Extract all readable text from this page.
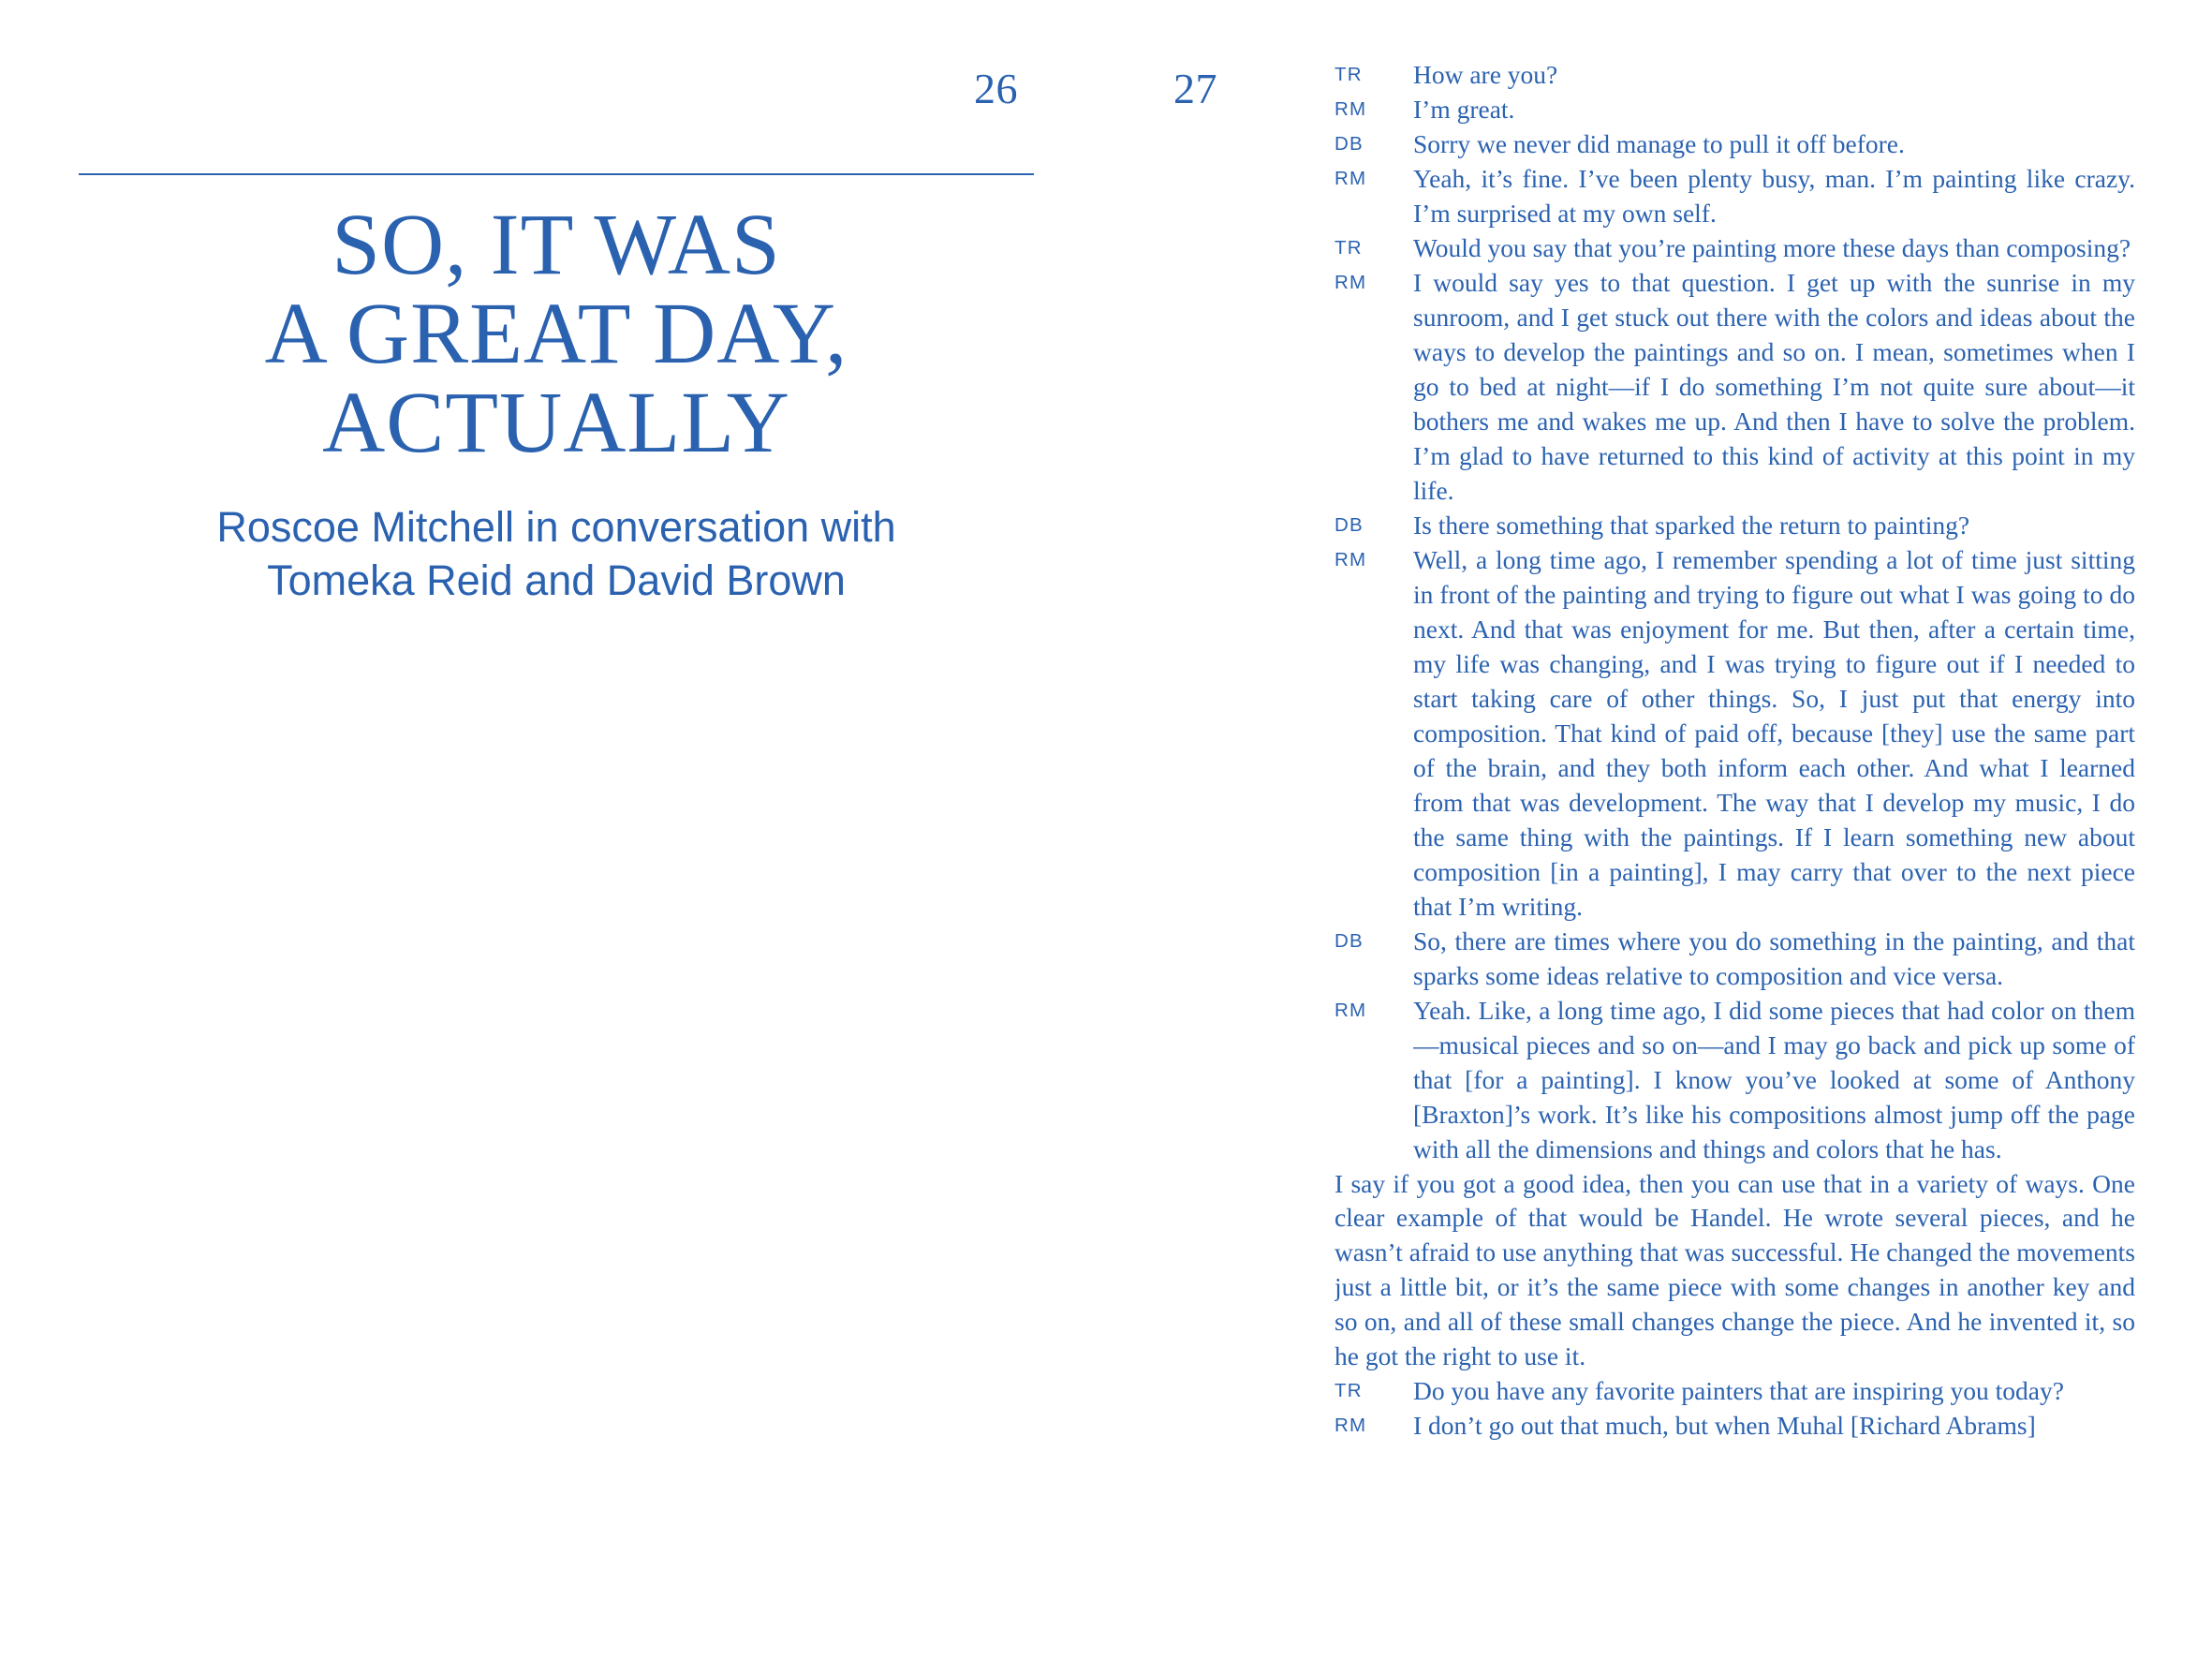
26	27
SO, IT WAS
A GREAT DAY,
ACTUALLY
Roscoe Mitchell in conversation with
Tomeka Reid and David Brown
TR	How are you?
RM	I’m great.
DB	Sorry we never did manage to pull it off before.
RM	Yeah, it’s fine. I’ve been plenty busy, man. I’m painting like crazy. I’m surprised at my own self.
TR	Would you say that you’re painting more these days than composing?
RM	I would say yes to that question. I get up with the sunrise in my sunroom, and I get stuck out there with the colors and ideas about the ways to develop the paintings and so on. I mean, sometimes when I go to bed at night—if I do something I’m not quite sure about—it bothers me and wakes me up. And then I have to solve the problem. I’m glad to have returned to this kind of activity at this point in my life.
DB	Is there something that sparked the return to painting?
RM	Well, a long time ago, I remember spending a lot of time just sitting in front of the painting and trying to figure out what I was going to do next. And that was enjoyment for me. But then, after a certain time, my life was changing, and I was trying to figure out if I needed to start taking care of other things. So, I just put that energy into composition. That kind of paid off, because [they] use the same part of the brain, and they both inform each other. And what I learned from that was development. The way that I develop my music, I do the same thing with the paintings. If I learn something new about composition [in a painting], I may carry that over to the next piece that I’m writing.
DB	So, there are times where you do something in the painting, and that sparks some ideas relative to composition and vice versa.
RM	Yeah. Like, a long time ago, I did some pieces that had color on them—musical pieces and so on—and I may go back and pick up some of that [for a painting]. I know you’ve looked at some of Anthony [Braxton]’s work. It’s like his compositions almost jump off the page with all the dimensions and things and colors that he has.
I say if you got a good idea, then you can use that in a variety of ways. One clear example of that would be Handel. He wrote several pieces, and he wasn’t afraid to use anything that was successful. He changed the movements just a little bit, or it’s the same piece with some changes in another key and so on, and all of these small changes change the piece. And he invented it, so he got the right to use it.
TR	Do you have any favorite painters that are inspiring you today?
RM	I don’t go out that much, but when Muhal [Richard Abrams]
